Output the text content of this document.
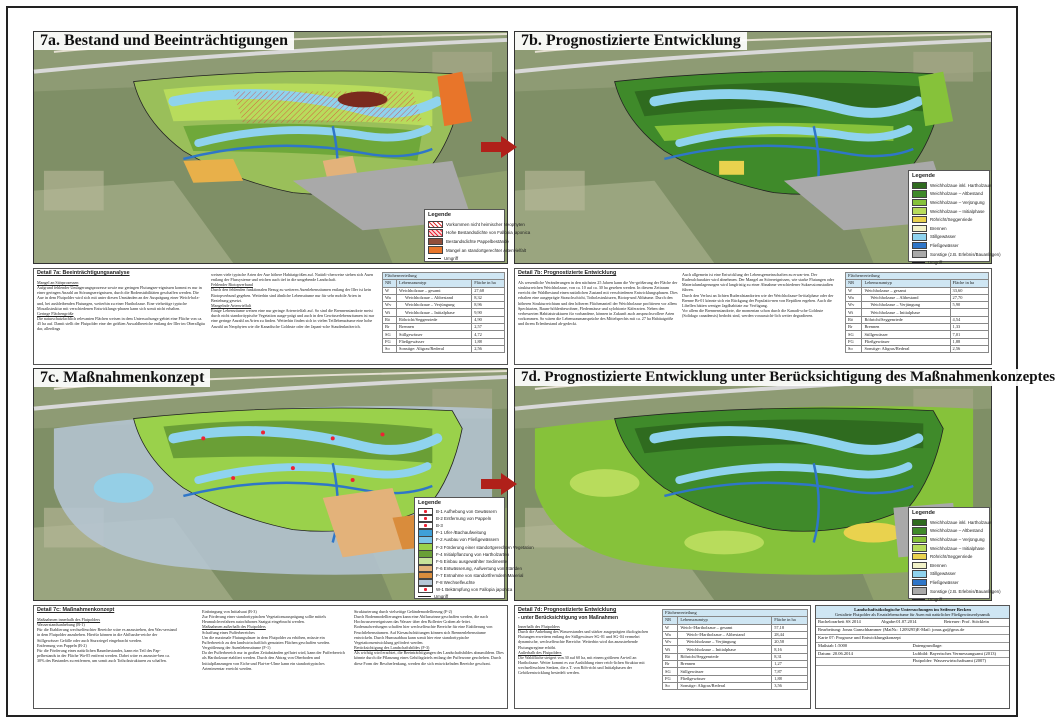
7a. Bestand und Beeinträchtigungen
Legende
Vorkommen nicht heimischer Neophyten
Hohe Bestandsdichte von Fallopia japonica
Bestandsdichte Pappelbestände
Mangel an standortgerechter Artenvielfalt
Umgriff
7b. Prognostizierte Entwicklung
Legende
Weichholzaue inkl. Hartholzaue
Weichholzaue – Altbestand
Weichholzaue – Verjüngung
Weichholzaue – Initialphase
Röhricht/Seggenriede
Brennen
Stillgewässer
Fließgewässer
Sonstige (z.B. Erlebnis/Bauanlagen)
Umgriff
7c. Maßnahmenkonzept
Legende
B-1 Aufhebung von Gewässern
B-2 Entfernung von Pappeln
B-3
F-1 Ufer-/Bachaufweitung
F-2 Ausbau von Fließgewässern
F-3 Förderung einer standortgerechten Vegetation
F-4 Initialpflanzung von Hartholzarten
F-5 Einbau ausgewählter Sedimente
F-6 Entwässerung, Aufwertung von Ständen
F-7 Entnahme von standortfremdem Material
F-8 Wechselfeuchte
W-1 Bekämpfung von Fallopia japonica
Umgriff
7d. Prognostizierte Entwicklung unter Berücksichtigung des Maßnahmenkonzeptes
Legende
Weichholzaue inkl. Hartholzaue
Weichholzaue – Altbestand
Weichholzaue – Verjüngung
Weichholzaue – Initialphase
Röhricht/Seggenriede
Brennen
Stillgewässer
Fließgewässer
Sonstige (z.B. Erlebnis/Bauanlagen)
Umgriff
Detail 7a: Beeinträchtigungsanalyse

Mangel an Störprozessen

Aufgrund fehlender Umlagerungsprozesse sowie nur geringen Flutungser-eignissen kommt es nur in einer geringen Anzahl an Störungsereignissen, durch die Bodenstabilitäten geschaffen werden. Die Aue in dem Flutpolder wird sich mit unter diesen Umständen an der Ausprägung einer Weich-holz- und, bei ausbleibenden Flutungen, weiterhin zu einer Hartholzaue. Eine vielseitige typische Mosaikstruktur mit verschiedenen Entwicklungs-phasen kann sich somit nicht erhalten.

Geringe Flächengröße

Die naturschutzfachlich relevanten Flächen weisen in dem Untersuchungs-gebiet eine Fläche von ca. 45 ha auf. Damit stellt der Flutpolder eine der größten Auwaldbereiche entlang der Iller im Oberallgäu dar, allerdings

weisen viele typische Arten der Aue höhere Habitatgrößen auf. Natürli-cherweise stehen sich Auen entlang der Flussysteme und reichen auch tief in die umgebende Landschaft.

Fehlender Biotopverbund

Durch den fehlenden funktionalen Bezug zu weiteren Auenlebensräumen entlang der Iller ist kein Biotopverbund gegeben. Weiterhin sind ähnliche Lebensräume nur für sehr mobile Arten in Beziehung gesetzt.

Mangelnde Artenvielfalt

Einige Lebensräume weisen eine nur geringe Artenvielfalt auf. So sind die Brennenstandorte meist durch nicht standorttypische Vegetation ausge-prägt und auch in den Gewässerlebensräumen ist nur eine geringe Anzahl an Arten zu finden. Weiterhin finden sich in vielen Teillebensräume eine hohe Anzahl an Neophyten wie die Kanadische Goldrute oder der Japani-sche Staudenknöterich.

Flächenverteilung		
NR	Lebensraumtyp	Fläche in ha
W	Weichholzaue – gesamt	27,68
Wa	Weichholzaue – Altbestand	8,32
Wv	Weichholzaue – Verjüngung	8,96
Wi	Weichholzaue – Initialphase	9,90
Rö	Röhricht/Seggenriede	4,90
Br	Brennen	2,57
SG	Stillgewässer	4,72
FG	Fließgewässer	1,88
So	Sonstige: Altgras/Rederal	2,56
Detail 7b: Prognostizierte Entwicklung

Als wesentliche Veränderungen in den nächsten 25 Jahren kann die Ver-größerung der Fläche der strukturreichen Weichholzaue, von ca. 10 auf ca. 30 ha gesehen werden. In diesem Zeitraum erreicht der Waldbestand einen natürlichen Zustand mit verschiedenen Entwicklungsphasen. Dies erhalten eine ausgeprägte Strauchschicht, Totholzstrukturen, Biotop-und Altbäume. Durch den höheren Strukturreichtum und den höheren Flächenanteil der Weichholzaue profitieren vor allem Spechtarten, Baum-höhlenbewohner, Fledermäuse und xylobionte Käferarten. Neben den verbesserten Habitatstrukturen für vorhandene, können in Zukunft auch anspruchsvollere Arten vorkommen. So wären die Lebensraumansprüche des Mittelspechts mit ca. 27 ha Habitatgröße und ihrem Erlenbestand ab-gedeckt.

Auch allgemein ist eine Entwicklung der Lebensgemeinschaften zu erwar-ten. Der Ruderalcharakter wird abnehmen. Der Mangel an Störereignissen, wie starke Flutungen oder Materialumlagerungen wird langfristig zu einer Abnahme verschiedener Sukzessionsstadien führen.

Durch den Verlust an lichten Ruderalstandorten wie der Weichholzaue-In-itialphase oder der Brenne Br-01 könnte sich ein Rückgang der Populatio-nen von Reptilien ergeben. Auch die Libellen hätten weniger Jagdhabitate zur Verfügung.

Vor allem die Brennenstandorte, die momentan schon durch die Kanadi-sche Goldrute (Solidago canadensis) bedroht sind, werden voraussicht-lich weiter degradieren.

Flächenverteilung		
NR	Lebensraumtyp	Fläche in ha
W	Weichholzaue – gesamt	33,60
Wa	Weichholzaue – Altbestand	27,70
Wv	Weichholzaue – Verjüngung	5,90
Wi	Weichholzaue – Initialphase	
Rö	Röhricht/Seggenriede	4,54
Br	Brennen	1,33
SG	Stillgewässer	7,01
FG	Fließgewässer	1,88
So	Sonstige: Altgras/Rederal	2,56
Detail 7c: Maßnahmenkonzept

Maßnahmen innerhalb des Flutpolders

Wasserstandsanhebung (B-1)

Für die Etablierung wechselfeuchter Bereiche wäre es anzustreben, den Was-serstand in dem Flutpolder anzuheben. Hierfür können in die Abflussbe-reiche der Stillgewässer Gefälle oder auch Sturzriegel eingebracht werden.

Entfernung von Pappeln (B-2)

Für die Förderung eines natürlichen Baumbestandes, kann ein Teil des Pap-pelbestands in der Fläche Wa-05 entfernt werden. Dabei wäre es anzustre-ben ca. 30% des Bestandes zu entfernen, um somit auch Totholzstrukturen zu schaffen.

Einbringung von Initialsaat (B-3)

Zur Förderung einer standorttypischen Vegetationsausprägung sollte mittels Heumulchverfahren autochthones Saatgut eingebracht werden.

Maßnahmen außerhalb des Flutpolders

Schaffung eines Pufferbereiches

Um die maximale Flutungsdauer in dem Flutpolder zu erhöhen, müsste ein Pufferbereich zu den landwirtschaftlich genutzten Flächen geschaffen werden.

Vergrößerung der Auenlebensräume (F-1)

Da der Pufferbereich nur in großen Zeitabständen geflutet wird, kann der Pufferbereich als Hartholzaue etabliert werden. Durch den Abtrag von Oberboden und Initialpflanzungen von Eiche und Flat-ter-Ulme kann ein standorttypisches Arteninventar erreicht werden.

Strukturierung durch vielseitige Geländemodellierung (F-2)

Durch Bodenmodellierungen kann eine Abflussrinne geschaffen werden, die nach Hochwasserereignissen das Wasser über den Bollerter Graben ab-leitet. Bodenaufwerfungen schaffen hier wechselfeuchte Bereiche für eine Etablierung von Feuchtlebensräumen. Auf Kiesaufschüttungen können sich Brennenlebensräume entwickeln. Durch Humusabbau kann somit hier eine standorttypische Vegetationsentwicklung gefördert werden.

Berücksichtigung des Landschaftsbildes (F-3)

Als wichtig wird erachtet, die Beeinträchtigungen des Landschaftsbildes abzumildern. Dies könnte durch die Pflanzung eines Gehölzgürtels entlang der Pufferzone geschehen. Durch diese Form der Bescherlenkung, werden die sich entwickelnden Bereiche geschont.

Detail 7d: Prognostizierte Entwicklung
- unter Berücksichtigung von Maßnahmen

Innerhalb des Flutpolders

Durch die Anhebung des Wasserstandes und stärker ausgeprägten ökologischen Flutungen erweitern entlang der Stillgewässer SG-01 und SG-04 vermehrt dynamische, wechselfeuchte Bereiche. Weiterhin wird das anzustrebende Flutungsregime erhöht.

Außerhalb des Flutpolders

Die Waldfläche steigert von 30 auf 60 ha, mit einem größeren An-teil an Hartholzaue. Weiter kommt es zur Ausbildung einer reich-lichen Struktur mit wechselfeuchten Senken, die z.T. von Röh-richt und Initialphasen der Gehölzentwicklung besiedelt werden.

Flächenverteilung		
NR	Lebensraumtyp	Fläche in ha
W	Weich-/Hartholzaue – gesamt	57,18
Wa	Weich-/Hartholzaue – Altbestand	28,44
Wv	Weichholzaue – Verjüngung	20,58
Wi	Weichholzaue – Initialphase	8,16
Rö	Röhricht/Seggenriede	8,31
Br	Brennen	1,27
SG	Stillgewässer	7,87
FG	Fließgewässer	1,88
So	Sonstige: Altgras/Rederal	3,56
Landschaftsökologische Untersuchungen im Seifener Becken
Gestaltete Flutpolder als Ersatzlebensräume für Auen mit natürlicher Fließgewässerdynamik
Bachelorarbeit SS 2014	Abgabe:01.07.2014	Betreuer: Prof. Stöcklein
Bearbeitung: Jonas Ganschhammer (MatNr.: 1209295) E-Mail: jonas.ga@gmx.de
Karte 07: Prognose und Entwicklungskonzept
Maßstab 1:5000	Datengrundlage:
Datum: 20.06.2014	Luftbild: Bayerisches Vermessungsamt (2013)
Flutpolder: Wasserwirtschaftsamt (2007)
